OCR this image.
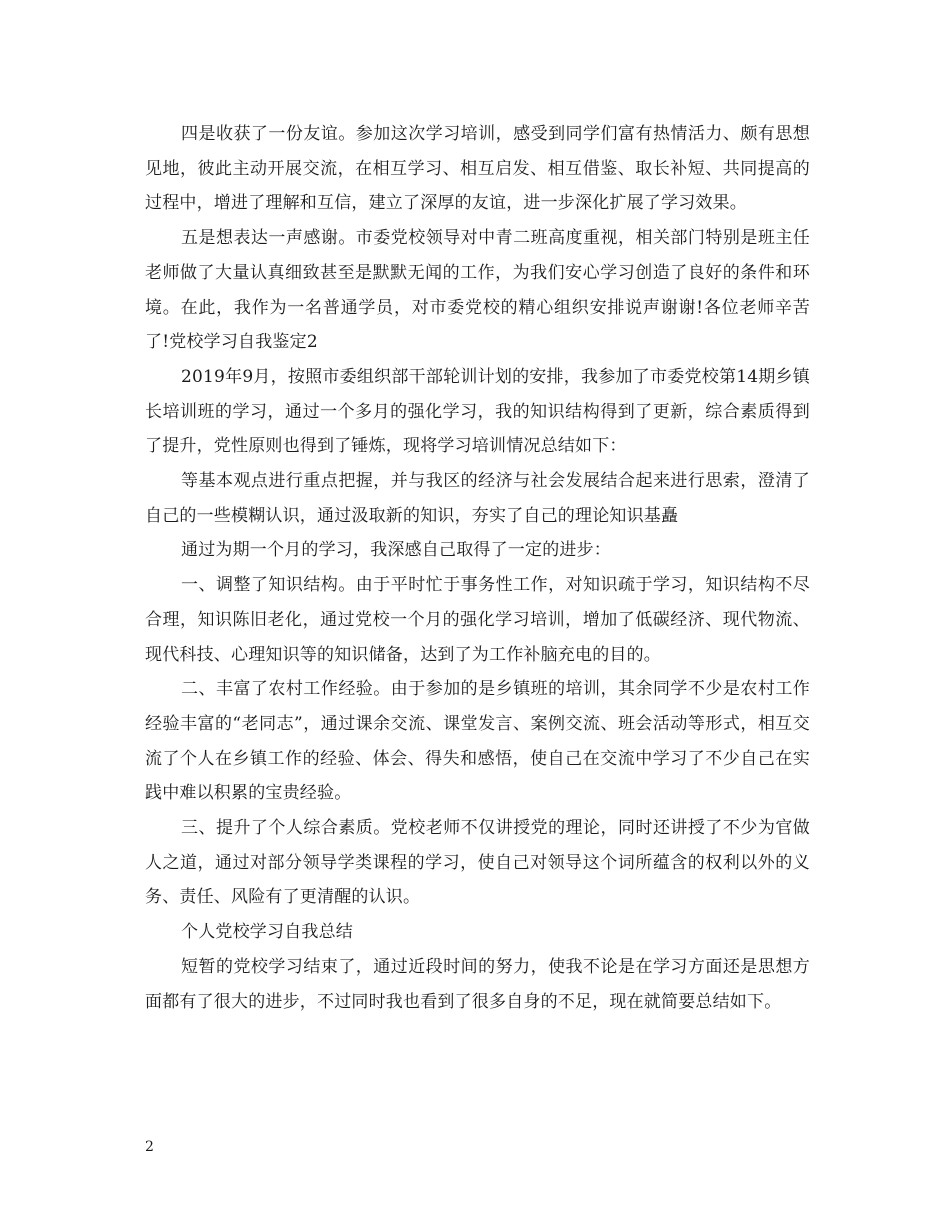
四是收获了一份友谊。参加这次学习培训，感受到同学们富有热情活力、颇有思想见地，彼此主动开展交流，在相互学习、相互启发、相互借鉴、取长补短、共同提高的过程中，增进了理解和互信，建立了深厚的友谊，进一步深化扩展了学习效果。

五是想表达一声感谢。市委党校领导对中青二班高度重视，相关部门特别是班主任老师做了大量认真细致甚至是默默无闻的工作，为我们安心学习创造了良好的条件和环境。在此，我作为一名普通学员，对市委党校的精心组织安排说声谢谢!各位老师辛苦了!党校学习自我鉴定2

2019年9月，按照市委组织部干部轮训计划的安排，我参加了市委党校第14期乡镇长培训班的学习，通过一个多月的强化学习，我的知识结构得到了更新，综合素质得到了提升，党性原则也得到了锤炼，现将学习培训情况总结如下：

等基本观点进行重点把握，并与我区的经济与社会发展结合起来进行思索，澄清了自己的一些模糊认识，通过汲取新的知识，夯实了自己的理论知识基矗

通过为期一个月的学习，我深感自己取得了一定的进步：

一、调整了知识结构。由于平时忙于事务性工作，对知识疏于学习，知识结构不尽合理，知识陈旧老化，通过党校一个月的强化学习培训，增加了低碳经济、现代物流、现代科技、心理知识等的知识储备，达到了为工作补脑充电的目的。

二、丰富了农村工作经验。由于参加的是乡镇班的培训，其余同学不少是农村工作经验丰富的“老同志”，通过课余交流、课堂发言、案例交流、班会活动等形式，相互交流了个人在乡镇工作的经验、体会、得失和感悟，使自己在交流中学习了不少自己在实践中难以积累的宝贵经验。

三、提升了个人综合素质。党校老师不仅讲授党的理论，同时还讲授了不少为官做人之道，通过对部分领导学类课程的学习，使自己对领导这个词所蕴含的权利以外的义务、责任、风险有了更清醒的认识。

个人党校学习自我总结

短暂的党校学习结束了，通过近段时间的努力，使我不论是在学习方面还是思想方面都有了很大的进步，不过同时我也看到了很多自身的不足，现在就简要总结如下。

2
